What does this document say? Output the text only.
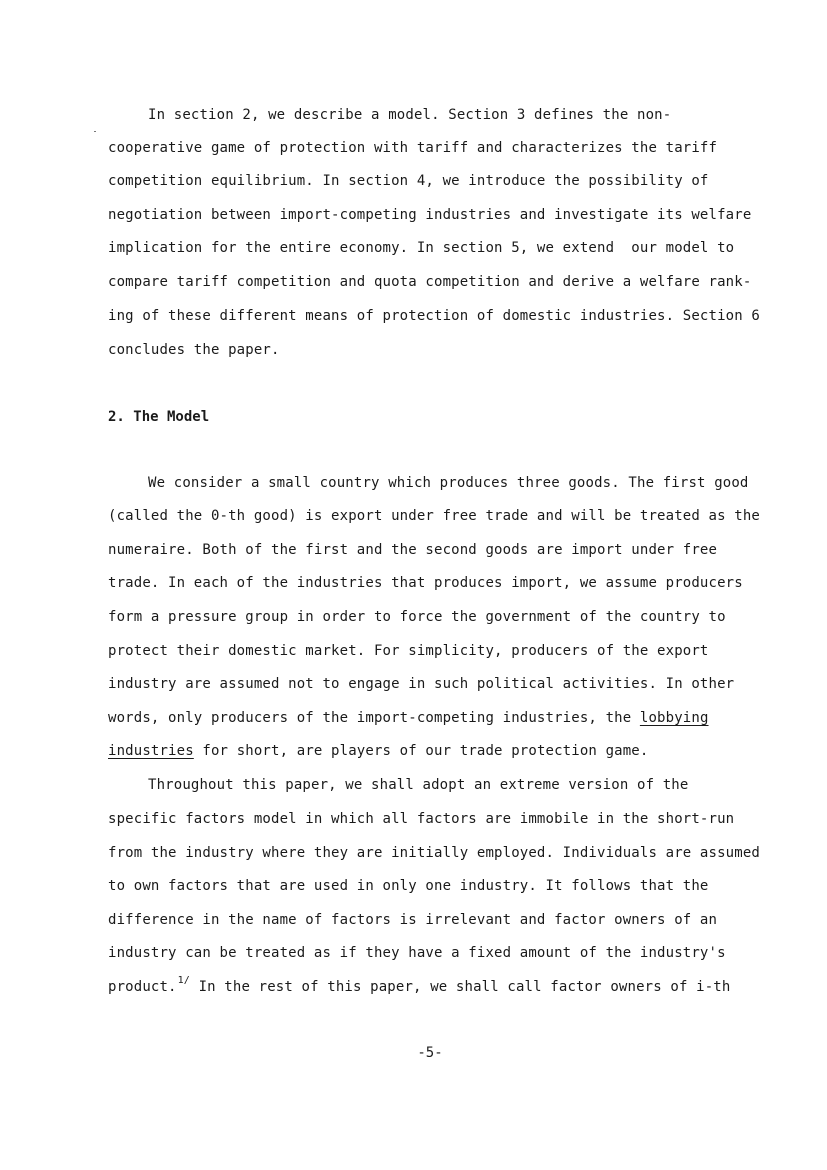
In section 2, we describe a model. Section 3 defines the non-
cooperative game of protection with tariff and characterizes the tariff
competition equilibrium. In section 4, we introduce the possibility of
negotiation between import-competing industries and investigate its welfare
implication for the entire economy. In section 5, we extend  our model to
compare tariff competition and quota competition and derive a welfare rank-
ing of these different means of protection of domestic industries. Section 6
concludes the paper.
2. The Model
We consider a small country which produces three goods. The first good
(called the 0-th good) is export under free trade and will be treated as the
numeraire. Both of the first and the second goods are import under free
trade. In each of the industries that produces import, we assume producers
form a pressure group in order to force the government of the country to
protect their domestic market. For simplicity, producers of the export
industry are assumed not to engage in such political activities. In other
words, only producers of the import-competing industries, the lobbying
industries for short, are players of our trade protection game.
Throughout this paper, we shall adopt an extreme version of the
specific factors model in which all factors are immobile in the short-run
from the industry where they are initially employed. Individuals are assumed
to own factors that are used in only one industry. It follows that the
difference in the name of factors is irrelevant and factor owners of an
industry can be treated as if they have a fixed amount of the industry's
product.$^{1/}$ In the rest of this paper, we shall call factor owners of i-th
-5-
